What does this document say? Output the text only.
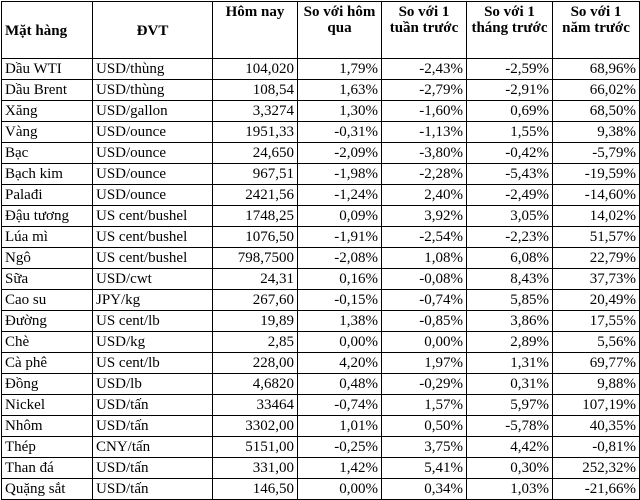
Mặt hàng	ĐVT	Hôm nay	So với hôm qua	So với 1 tuần trước	So với 1 tháng trước	So với 1 năm trước
Dầu WTI	USD/thùng	104,020	1,79%	-2,43%	-2,59%	68,96%
Dầu Brent	USD/thùng	108,54	1,63%	-2,79%	-2,91%	66,02%
Xăng	USD/gallon	3,3274	1,30%	-1,60%	0,69%	68,50%
Vàng	USD/ounce	1951,33	-0,31%	-1,13%	1,55%	9,38%
Bạc	USD/ounce	24,650	-2,09%	-3,80%	-0,42%	-5,79%
Bạch kim	USD/ounce	967,51	-1,98%	-2,28%	-5,43%	-19,59%
Palađi	USD/ounce	2421,56	-1,24%	2,40%	-2,49%	-14,60%
Đậu tương	US cent/bushel	1748,25	0,09%	3,92%	3,05%	14,02%
Lúa mì	US cent/bushel	1076,50	-1,91%	-2,54%	-2,23%	51,57%
Ngô	US cent/bushel	798,7500	-2,08%	1,08%	6,08%	22,79%
Sữa	USD/cwt	24,31	0,16%	-0,08%	8,43%	37,73%
Cao su	JPY/kg	267,60	-0,15%	-0,74%	5,85%	20,49%
Đường	US cent/lb	19,89	1,38%	-0,85%	3,86%	17,55%
Chè	USD/kg	2,85	0,00%	0,00%	2,89%	5,56%
Cà phê	US cent/lb	228,00	4,20%	1,97%	1,31%	69,77%
Đồng	USD/lb	4,6820	0,48%	-0,29%	0,31%	9,88%
Nickel	USD/tấn	33464	-0,74%	1,57%	5,97%	107,19%
Nhôm	USD/tấn	3302,00	1,01%	0,50%	-5,78%	40,35%
Thép	CNY/tấn	5151,00	-0,25%	3,75%	4,42%	-0,81%
Than đá	USD/tấn	331,00	1,42%	5,41%	0,30%	252,32%
Quặng sắt	USD/tấn	146,50	0,00%	0,34%	1,03%	-21,66%
